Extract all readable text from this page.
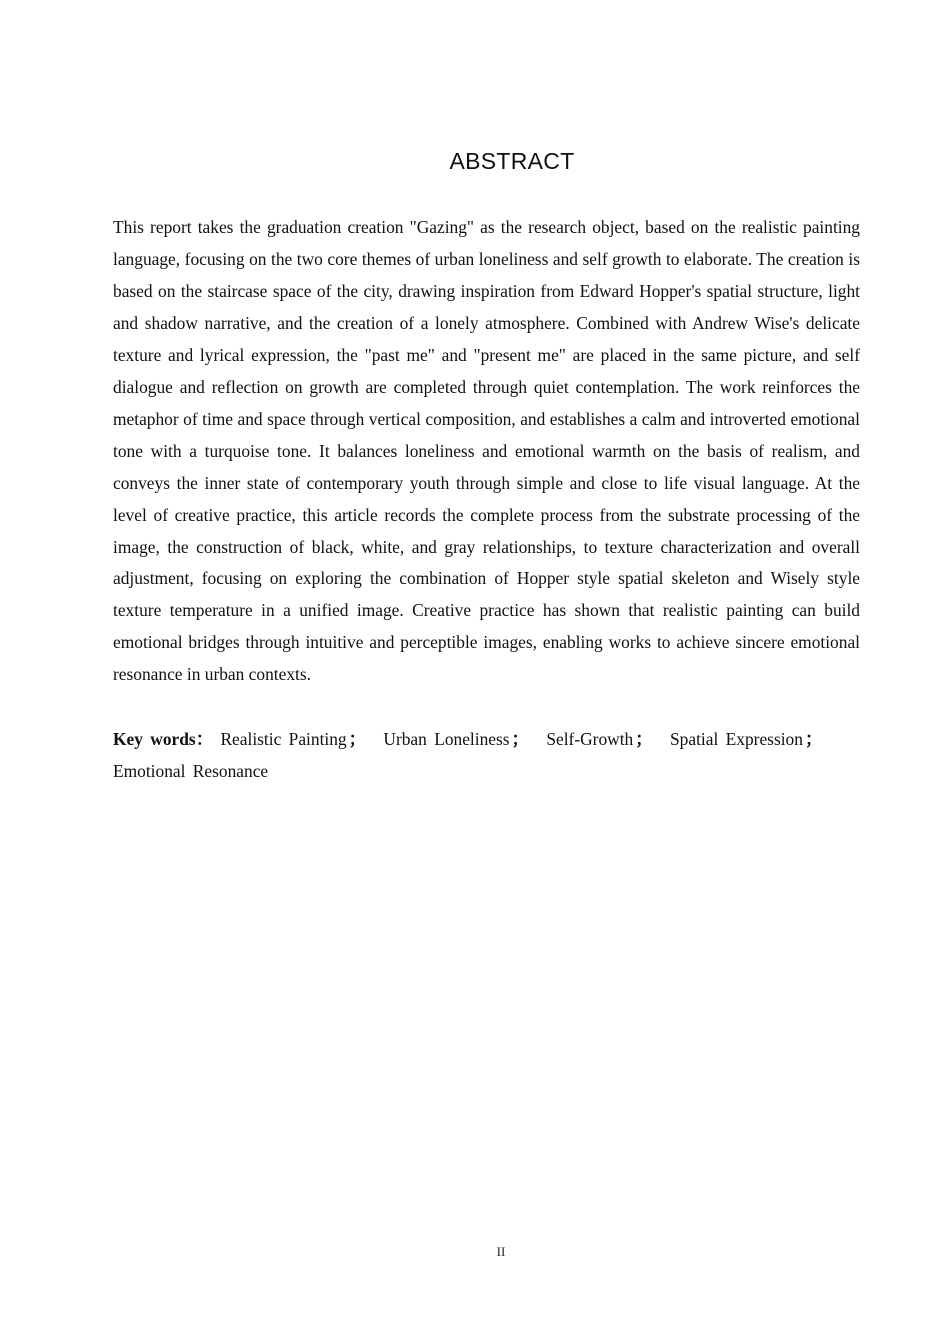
ABSTRACT

This report takes the graduation creation "Gazing" as the research object, based on the realistic painting language, focusing on the two core themes of urban loneliness and self growth to elaborate. The creation is based on the staircase space of the city, drawing inspiration from Edward Hopper's spatial structure, light and shadow narrative, and the creation of a lonely atmosphere. Combined with Andrew Wise's delicate texture and lyrical expression, the "past me" and "present me" are placed in the same picture, and self dialogue and reflection on growth are completed through quiet contemplation. The work reinforces the metaphor of time and space through vertical composition, and establishes a calm and introverted emotional tone with a turquoise tone. It balances loneliness and emotional warmth on the basis of realism, and conveys the inner state of contemporary youth through simple and close to life visual language. At the level of creative practice, this article records the complete process from the substrate processing of the image, the construction of black, white, and gray relationships, to texture characterization and overall adjustment, focusing on exploring the combination of Hopper style spatial skeleton and Wisely style texture temperature in a unified image. Creative practice has shown that realistic painting can build emotional bridges through intuitive and perceptible images, enabling works to achieve sincere emotional resonance in urban contexts.

Key words： Realistic Painting ； Urban Loneliness ； Self-Growth ； Spatial Expression ； Emotional Resonance

II
